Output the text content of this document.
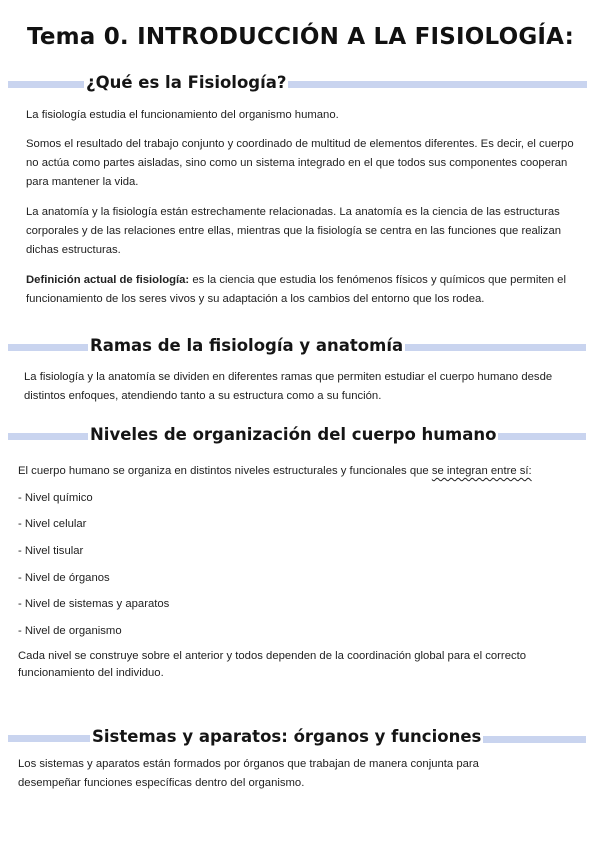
Tema 0. INTRODUCCIÓN A LA FISIOLOGÍA:
¿Qué es la Fisiología?

La fisiología estudia el funcionamiento del organismo humano.

Somos el resultado del trabajo conjunto y coordinado de multitud de elementos diferentes. Es decir, el cuerpo no actúa como partes aisladas, sino como un sistema integrado en el que todos sus componentes cooperan para mantener la vida.

La anatomía y la fisiología están estrechamente relacionadas. La anatomía es la ciencia de las estructuras corporales y de las relaciones entre ellas, mientras que la fisiología se centra en las funciones que realizan dichas estructuras.

Definición actual de fisiología: es la ciencia que estudia los fenómenos físicos y químicos que permiten el funcionamiento de los seres vivos y su adaptación a los cambios del entorno que los rodea.

Ramas de la fisiología y anatomía

La fisiología y la anatomía se dividen en diferentes ramas que permiten estudiar el cuerpo humano desde distintos enfoques, atendiendo tanto a su estructura como a su función.

Niveles de organización del cuerpo humano

El cuerpo humano se organiza en distintos niveles estructurales y funcionales que se integran entre sí:

- Nivel químico
- Nivel celular
- Nivel tisular
- Nivel de órganos
- Nivel de sistemas y aparatos
- Nivel de organismo

Cada nivel se construye sobre el anterior y todos dependen de la coordinación global para el correcto funcionamiento del individuo.

Sistemas y aparatos: órganos y funciones

Los sistemas y aparatos están formados por órganos que trabajan de manera conjunta para desempeñar funciones específicas dentro del organismo.
